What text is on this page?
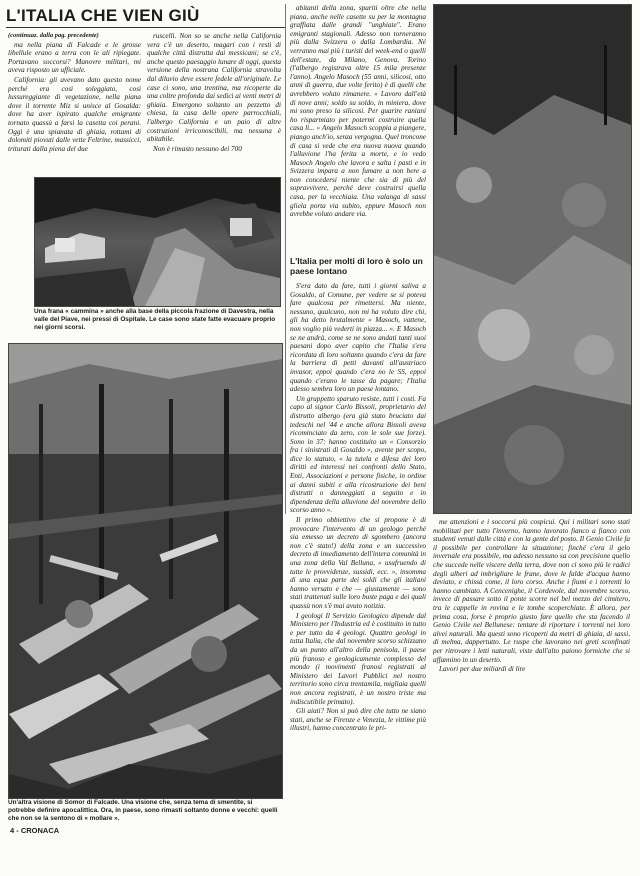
L'ITALIA CHE VIEN GIÙ
(continuaz. dalla pag. precedente)

ma nella piana di Falcade e le grosse libellule erano a terra con le ali ripiegate. Portavano soccorsi? Manovre militari, mi aveva risposto un ufficiale.

California: gli avevano dato questo nome perché era così soleggiato, così lussureggiante di vegetazione, nella piana dove il torrente Miz si unisce al Gosalda: dove ha aver ispirato qualche emigrante tornato quassù a farsi la casetta coi perani. Oggi è una spianata di ghiaia, rottami di dolomiti piovuti dalle vette Feltrine, massicci, triturati dalla piena del due

ruscelli. Non so se anche nella California vera c'è un deserto, magari con i resti di qualche città distrutta dai messicani; se c'è, anche questo paesaggio lunare di oggi, questa versione della nostrana California stravolta dal diluvio deve essere fedele all'originale. Le case ci sono, una trentina, ma ricoperte da una coltre profonda dai sedici ai venti metri di ghiaia. Emergono soltanto un pezzetto di chiesa, la casa delle opere parrocchiali, l'albergo California e un paio di altre costruzioni irriconoscibili, ma nessuna è abitabile.

Non è rimasto nessuno dei 700

Una frana « cammina » anche alla base della piccola frazione di Davestra, nella valle del Piave, nei pressi di Ospitale. Le case sono state fatte evacuare proprio nei giorni scorsi.
Un'altra visione di Somor di Falcade. Una visione che, senza tema di smentite, si potrebbe definire apocalittica. Ora, in paese, sono rimasti soltanto donne e vecchi: quelli che non se la sentono di « mollare ».

abitanti della zona, spariti oltre che nella piana, anche nelle casette su per la montagna graffiata dalle grandi "unghiate". Erano emigranti stagionali. Adesso non torneranno più dalla Svizzera o dalla Lombardia. Né verranno mai più i turisti del week-end o quelli dell'estate, da Milano, Genova, Torino (l'albergo registrava oltre 15 mila presenze l'anno). Angelo Masoch (55 anni, silicosi, otto anni di guerra, due volte ferito) è di quelli che avrebbero voluto rimanere. « Lavoro dall'età di nove anni; soldo su soldo, in miniera, dove mi sono preso la silicosi. Per guarire raniani ho risparmiato per potermi costruire quella casa lì... » Angelo Masoch scoppia a piangere, piango anch'io, senza vergogna. Quel troncone di casa si vede che era nuova nuova quando l'alluvione l'ha ferita a morte, e io vedo Masoch Angelo che lavora e salta i pasti e in Svizzera impara a non fumare a non bere a non concedersi niente che sia di più del sopravvivere, perché deve costruirsi quella casa, per la vecchiaia. Una valanga di sassi gliela porta via subito, eppure Masoch non avrebbe voluto andare via.

L'Italia per molti di loro è solo un paese lontano

S'era dato da fare, tutti i giorni saliva a Gosaldo, al Comune, per vedere se si poteva fare qualcosa per rimettersi. Ma niente, nessuno, qualcuno, non mi ha voluto dire chi, gli ha detto brutalmente « Masoch, vattene, non voglio più vederti in piazza... ». E Masoch se ne andrà, come se ne sono andati tanti suoi paesani dopo aver capito che l'Italia s'era ricordata di loro soltanto quando c'era da fare la barriera di petti davanti all'austriaco invasor, eppoi quando c'era no le SS, eppoi quando c'erano le tasse da pagare; l'Italia adesso sembra loro un paese lontano.

Un gruppetto sparuto resiste, tutti i costi. Fa capo al signor Carlo Bissoli, proprietario del distrutto albergo (era già stato bruciato dai tedeschi nel '44 e anche allora Bissoli aveva ricominciato da zero, con le sole sue forze). Sono in 37: hanno costituito un « Consorzio fra i sinistrati di Gosaldo », avente per scopo, dice lo statuto, « la tutela e difesa dei loro diritti ed interessi nei confronti dello Stato, Enti, Associazioni e persone fisiche, in ordine ai danni subiti e alla ricostruzione dei beni distrutti o danneggiati a seguito e in dipendenza della alluvione del novembre dello scorso anno ».

Il primo obbiettivo che si propone è di provocare l'intervento di un geologo perché sia emesso un decreto di sgombero (ancora non c'è stato!) della zona e un successivo decreto di insediamento dell'intera comunità in una zona della Val Belluna, « usufruendo di tutte le provvidenze, sussidi, ecc. », insomma di una equa parte dei soldi che gli italiani hanno versato e che — giustamente — sono stati trattenuti sulle loro buste paga e dei quali quassù non s'è mai avuto notizia.

I geologi Il Servizio Geologico dipende dal Ministero per l'Industria ed è costituito in tutto e per tutto da 4 geologi. Quattro geologi in tutta Italia, che dal novembre scorso schizzano da un punto all'altro della penisola, il paese più franoso e geologicamente complesso del mondo (i movimenti franosi registrati al Ministero dei Lavori Pubblici nel nostro territorio sono circa trentamila, migliaia quelli non ancora registrati, è un nostro triste ma indiscutibile primato).

Gli aiuti? Non si può dire che tutto ne siano stati, anche se Firenze e Venezia, le vittime più illustri, hanno concentrato le pri-

me attenzioni e i soccorsi più cospicui. Qui i militari sono stati mobilitati per tutto l'inverno, hanno lavorato fianco a fianco con studenti venuti dalle città e con la gente del posto. Il Genio Civile fa il possibile per controllare la situazione; finché c'era il gelo invernale era possibile, ma adesso nessuno sa con precisione quello che succede nelle viscere della terra, dove non ci sono più le radici degli alberi ad imbrigliare le frane, dove le falde d'acqua hanno deviato, e chissà come, il loro corso. Anche i fiumi e i torrenti lo hanno cambiato. A Cencenighe, il Cordevole, dal novembre scorso, invece di passare sotto il ponte scorre nel bel mezzo del cimitero, tra le cappelle in rovina e le tombe scoperchiate. È allora, per prima cosa, forse è proprio giusto fare quello che sta facendo il Genio Civile nel Bellunese: tentare di riportare i torrenti nei loro alvei naturali. Ma questi sono ricoperti da metri di ghiaia, di sassi, di melma, dappertutto. Le ruspe che lavorano nei greti sconfinati per ritrovare i letti naturali, viste dall'alto paiono formiche che si affannino in un deserto.

Lavori per due miliardi di lire

4 - CRONACA
